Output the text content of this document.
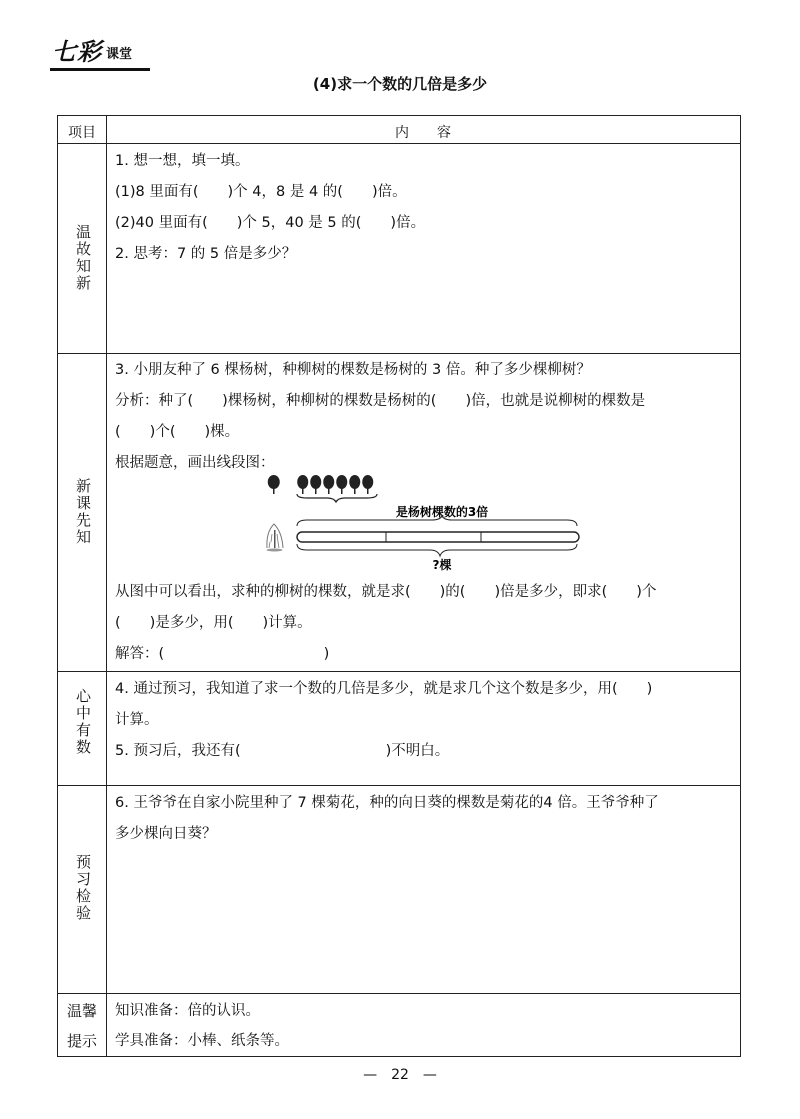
七彩 课堂
(4)求一个数的几倍是多少
项目	内　　容
温故知新
1. 想一想，填一填。
(1)8 里面有(　　)个 4，8 是 4 的(　　)倍。
(2)40 里面有(　　)个 5，40 是 5 的(　　)倍。
2. 思考：7 的 5 倍是多少？
新课先知
3. 小朋友种了 6 棵杨树，种柳树的棵数是杨树的 3 倍。种了多少棵柳树？
分析：种了(　　)棵杨树，种柳树的棵数是杨树的(　　)倍，也就是说柳树的棵数是
(　　)个(　　)棵。
根据题意，画出线段图：
从图中可以看出，求种的柳树的棵数，就是求(　　)的(　　)倍是多少，即求(　　)个
(　　)是多少，用(　　)计算。
解答：(　　　　　　　　　　　)
心中有数 4. 通过预习，我知道了求一个数的几倍是多少，就是求几个这个数是多少，用(　　)
计算。
5. 预习后，我还有(　　　　　　　　　　)不明白。
预习检验
6. 王爷爷在自家小院里种了 7 棵菊花，种的向日葵的棵数是菊花的4 倍。王爷爷种了
多少棵向日葵？
温馨
提示
知识准备：倍的认识。
学具准备：小棒、纸条等。
是杨树棵数的3倍
?棵
—　22　—
